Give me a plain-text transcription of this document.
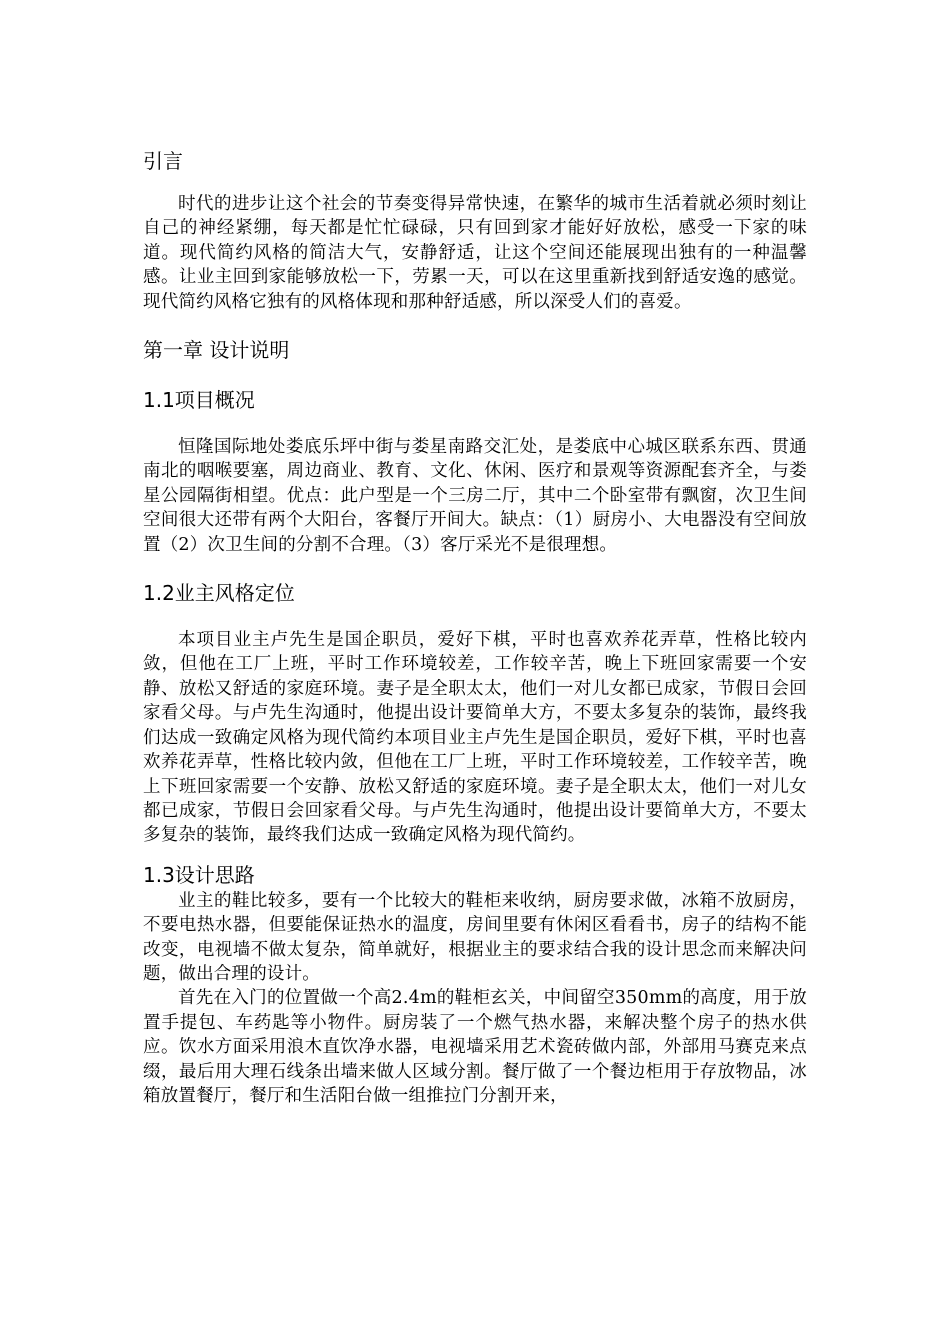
引言

时代的进步让这个社会的节奏变得异常快速，在繁华的城市生活着就必须时刻让自己的神经紧绷，每天都是忙忙碌碌，只有回到家才能好好放松，感受一下家的味道。现代简约风格的简洁大气，安静舒适，让这个空间还能展现出独有的一种温馨感。让业主回到家能够放松一下，劳累一天，可以在这里重新找到舒适安逸的感觉。现代简约风格它独有的风格体现和那种舒适感，所以深受人们的喜爱。

第一章 设计说明
1.1项目概况

恒隆国际地处娄底乐坪中街与娄星南路交汇处，是娄底中心城区联系东西、贯通南北的咽喉要塞，周边商业、教育、文化、休闲、医疗和景观等资源配套齐全，与娄星公园隔街相望。优点：此户型是一个三房二厅，其中二个卧室带有飘窗，次卫生间空间很大还带有两个大阳台，客餐厅开间大。缺点：（1）厨房小、大电器没有空间放置（2）次卫生间的分割不合理。（3）客厅采光不是很理想。

1.2业主风格定位

本项目业主卢先生是国企职员，爱好下棋，平时也喜欢养花弄草，性格比较内敛，但他在工厂上班，平时工作环境较差，工作较辛苦，晚上下班回家需要一个安静、放松又舒适的家庭环境。妻子是全职太太，他们一对儿女都已成家，节假日会回家看父母。与卢先生沟通时，他提出设计要简单大方，不要太多复杂的装饰，最终我们达成一致确定风格为现代简约本项目业主卢先生是国企职员，爱好下棋，平时也喜欢养花弄草，性格比较内敛，但他在工厂上班，平时工作环境较差，工作较辛苦，晚上下班回家需要一个安静、放松又舒适的家庭环境。妻子是全职太太，他们一对儿女都已成家，节假日会回家看父母。与卢先生沟通时，他提出设计要简单大方，不要太多复杂的装饰，最终我们达成一致确定风格为现代简约。

1.3设计思路

业主的鞋比较多，要有一个比较大的鞋柜来收纳，厨房要求做，冰箱不放厨房，不要电热水器，但要能保证热水的温度，房间里要有休闲区看看书，房子的结构不能改变，电视墙不做太复杂，简单就好，根据业主的要求结合我的设计思念而来解决问题，做出合理的设计。

首先在入门的位置做一个高2.4m的鞋柜玄关，中间留空350mm的高度，用于放置手提包、车药匙等小物件。厨房装了一个燃气热水器，来解决整个房子的热水供应。饮水方面采用浪木直饮净水器，电视墙采用艺术瓷砖做内部，外部用马赛克来点缀，最后用大理石线条出墙来做人区域分割。餐厅做了一个餐边柜用于存放物品，冰箱放置餐厅，餐厅和生活阳台做一组推拉门分割开来，
